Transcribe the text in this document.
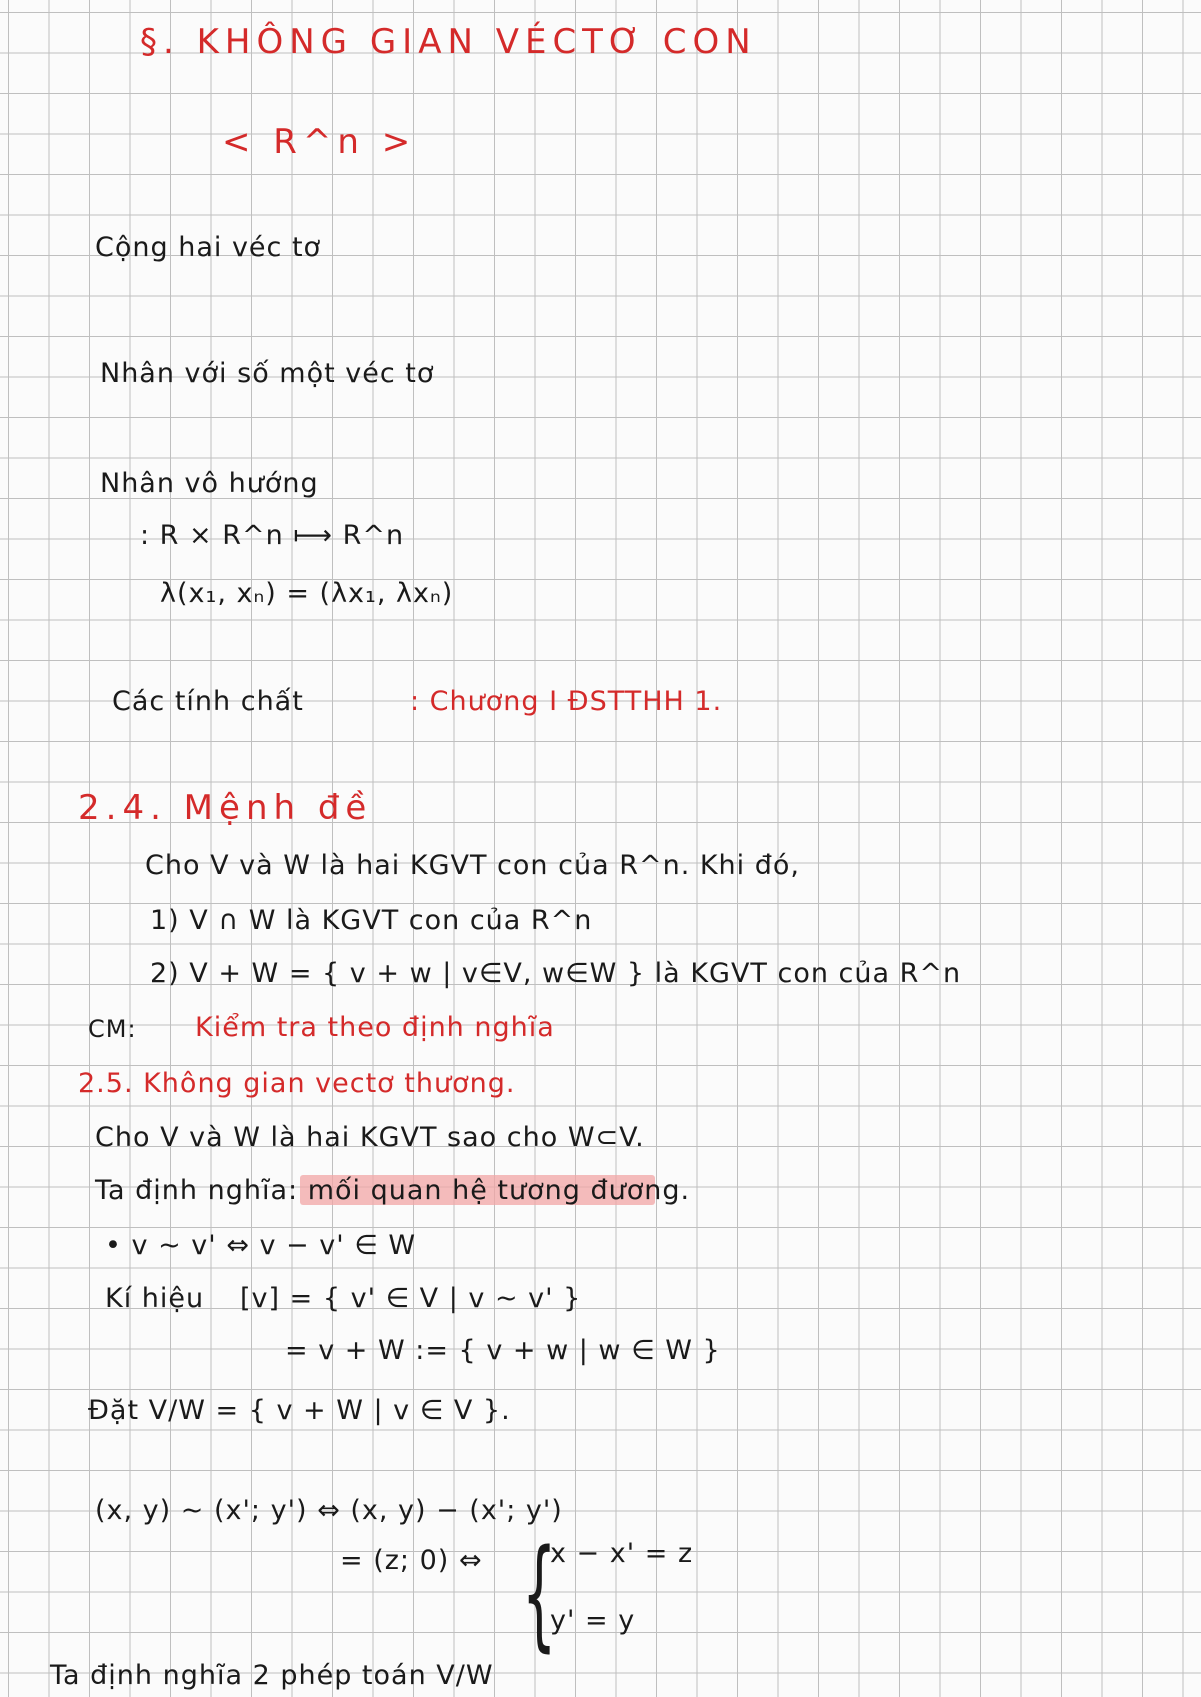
§. KHÔNG GIAN VÉCTƠ CON
< R^n >
Cộng hai véc tơ
Nhân với số một véc tơ
Nhân vô hướng
: R × R^n ⟼ R^n
λ(x₁, xₙ) = (λx₁, λxₙ)
Các tính chất	: Chương I ĐSTTHH 1.
2.4. Mệnh đề
Cho V và W là hai KGVT con của R^n. Khi đó,
1) V ∩ W là KGVT con của R^n
2) V + W = { v + w | v∈V, w∈W } là KGVT con của R^n
CM: Kiểm tra theo định nghĩa
2.5. Không gian vectơ thương.
Cho V và W là hai KGVT sao cho W⊂V.
Ta định nghĩa: mối quan hệ tương đương.
• v ~ v' ⇔ v − v' ∈ W
Kí hiệu [v] = { v' ∈ V | v ~ v' }
= v + W := { v + w | w ∈ W }
Đặt V/W = { v + W | v ∈ V }.
(x, y) ~ (x'; y') ⇔ (x, y) − (x'; y')
= (z; 0) ⇔ {
x − x' = z
y' = y
Ta định nghĩa 2 phép toán V/W
